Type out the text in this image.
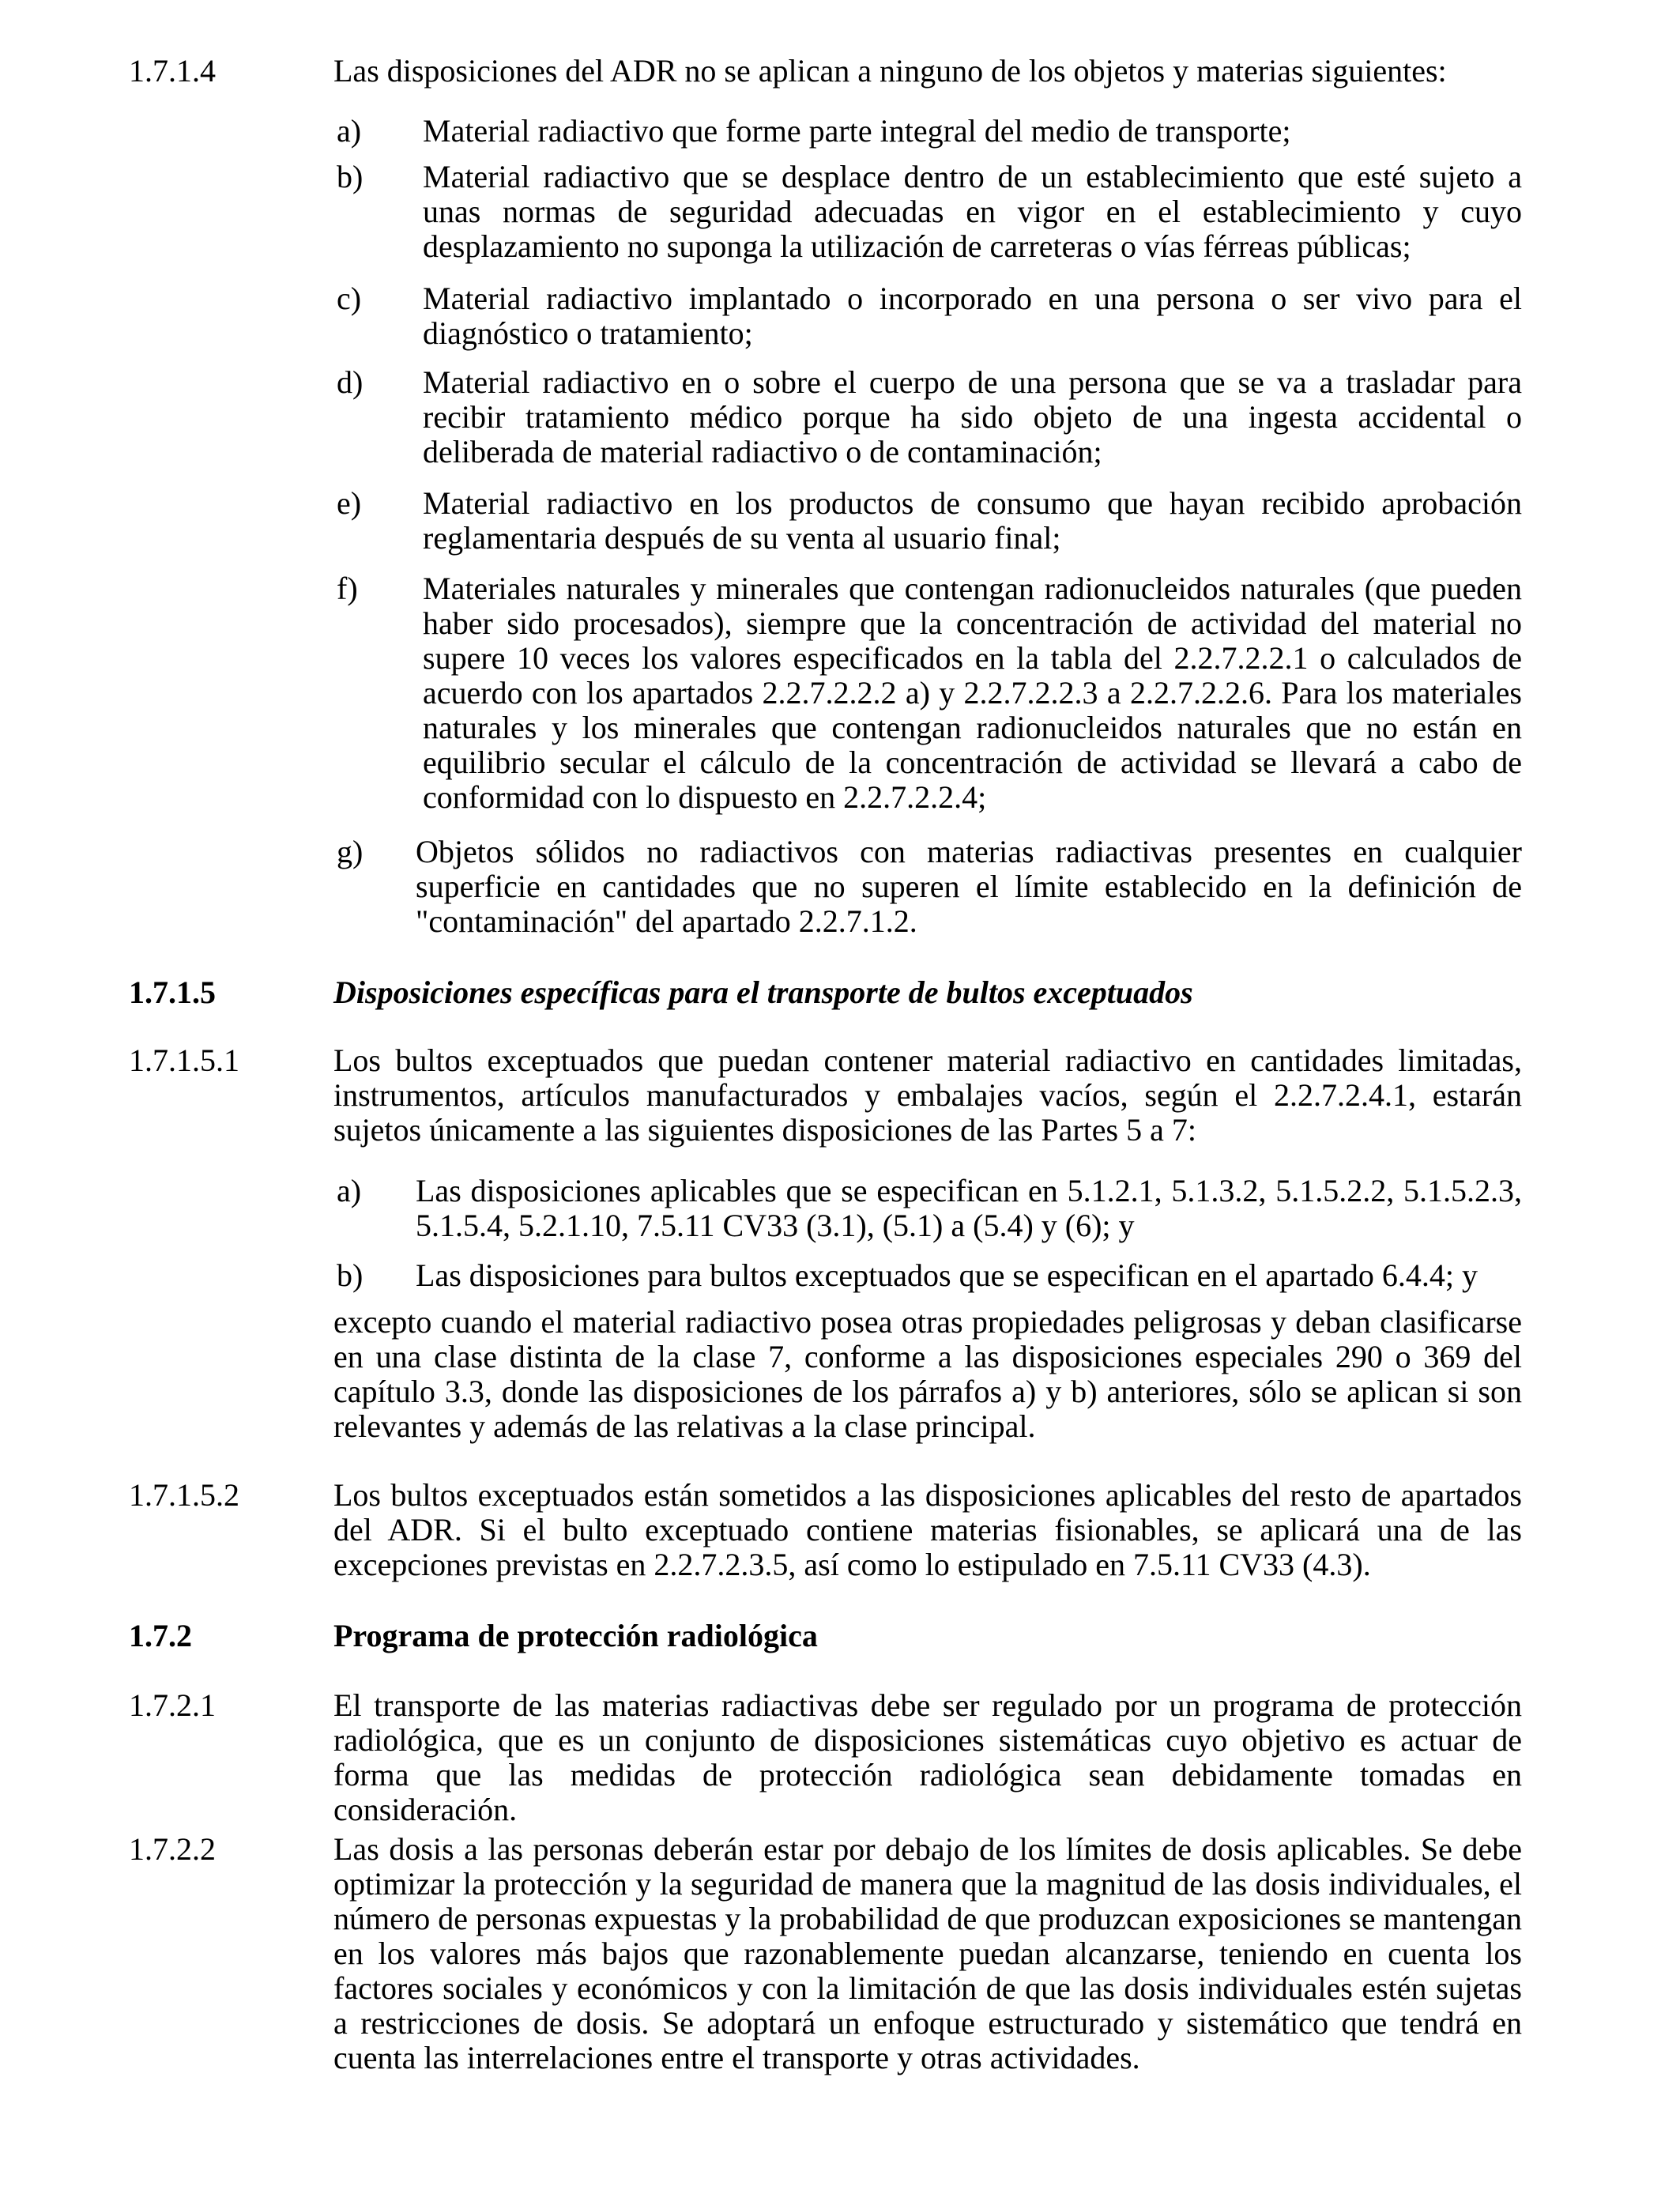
1.7.1.4	Las disposiciones del ADR no se aplican a ninguno de los objetos y materias siguientes:
a) Material radiactivo que forme parte integral del medio de transporte;
b) Material radiactivo que se desplace dentro de un establecimiento que esté sujeto a unas normas de seguridad adecuadas en vigor en el establecimiento y cuyo desplazamiento no suponga la utilización de carreteras o vías férreas públicas;
c) Material radiactivo implantado o incorporado en una persona o ser vivo para el diagnóstico o tratamiento;
d) Material radiactivo en o sobre el cuerpo de una persona que se va a trasladar para recibir tratamiento médico porque ha sido objeto de una ingesta accidental o deliberada de material radiactivo o de contaminación;
e) Material radiactivo en los productos de consumo que hayan recibido aprobación reglamentaria después de su venta al usuario final;
f) Materiales naturales y minerales que contengan radionucleidos naturales (que pueden haber sido procesados), siempre que la concentración de actividad del material no supere 10 veces los valores especificados en la tabla del 2.2.7.2.2.1 o calculados de acuerdo con los apartados 2.2.7.2.2.2 a) y 2.2.7.2.2.3 a 2.2.7.2.2.6. Para los materiales naturales y los minerales que contengan radionucleidos naturales que no están en equilibrio secular el cálculo de la concentración de actividad se llevará a cabo de conformidad con lo dispuesto en 2.2.7.2.2.4;
g) Objetos sólidos no radiactivos con materias radiactivas presentes en cualquier superficie en cantidades que no superen el límite establecido en la definición de "contaminación" del apartado 2.2.7.1.2.
1.7.1.5	Disposiciones específicas para el transporte de bultos exceptuados
1.7.1.5.1	Los bultos exceptuados que puedan contener material radiactivo en cantidades limitadas, instrumentos, artículos manufacturados y embalajes vacíos, según el 2.2.7.2.4.1, estarán sujetos únicamente a las siguientes disposiciones de las Partes 5 a 7:
a) Las disposiciones aplicables que se especifican en 5.1.2.1, 5.1.3.2, 5.1.5.2.2, 5.1.5.2.3, 5.1.5.4, 5.2.1.10, 7.5.11 CV33 (3.1), (5.1) a (5.4) y (6); y
b) Las disposiciones para bultos exceptuados que se especifican en el apartado 6.4.4; y
excepto cuando el material radiactivo posea otras propiedades peligrosas y deban clasificarse en una clase distinta de la clase 7, conforme a las disposiciones especiales 290 o 369 del capítulo 3.3, donde las disposiciones de los párrafos a) y b) anteriores, sólo se aplican si son relevantes y además de las relativas a la clase principal.
1.7.1.5.2	Los bultos exceptuados están sometidos a las disposiciones aplicables del resto de apartados del ADR. Si el bulto exceptuado contiene materias fisionables, se aplicará una de las excepciones previstas en 2.2.7.2.3.5, así como lo estipulado en 7.5.11 CV33 (4.3).
1.7.2	Programa de protección radiológica
1.7.2.1	El transporte de las materias radiactivas debe ser regulado por un programa de protección radiológica, que es un conjunto de disposiciones sistemáticas cuyo objetivo es actuar de forma que las medidas de protección radiológica sean debidamente tomadas en consideración.
1.7.2.2	Las dosis a las personas deberán estar por debajo de los límites de dosis aplicables. Se debe optimizar la protección y la seguridad de manera que la magnitud de las dosis individuales, el número de personas expuestas y la probabilidad de que produzcan exposiciones se mantengan en los valores más bajos que razonablemente puedan alcanzarse, teniendo en cuenta los factores sociales y económicos y con la limitación de que las dosis individuales estén sujetas a restricciones de dosis. Se adoptará un enfoque estructurado y sistemático que tendrá en cuenta las interrelaciones entre el transporte y otras actividades.
